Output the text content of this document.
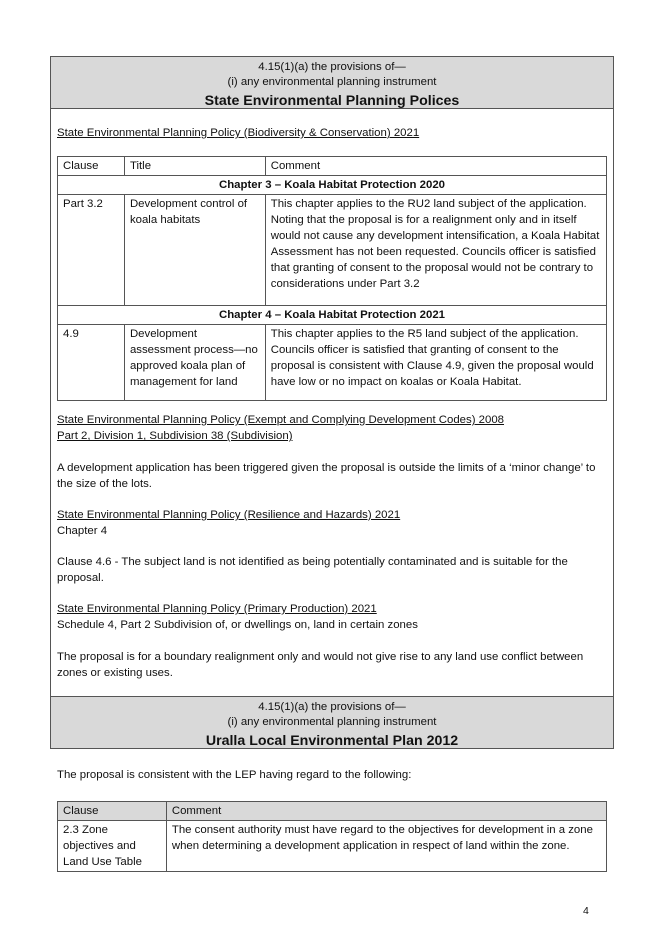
4.15(1)(a) the provisions of—
(i) any environmental planning instrument
State Environmental Planning Polices
State Environmental Planning Policy (Biodiversity & Conservation) 2021
Clause	Title	Comment
Chapter 3 – Koala Habitat Protection 2020		
Part 3.2	Development control of koala habitats	This chapter applies to the RU2 land subject of the application. Noting that the proposal is for a realignment only and in itself would not cause any development intensification, a Koala Habitat Assessment has not been requested. Councils officer is satisfied that granting of consent to the proposal would not be contrary to considerations under Part 3.2
Chapter 4 – Koala Habitat Protection 2021		
4.9	Development assessment process—no approved koala plan of management for land	This chapter applies to the R5 land subject of the application. Councils officer is satisfied that granting of consent to the proposal is consistent with Clause 4.9, given the proposal would have low or no impact on koalas or Koala Habitat.

State Environmental Planning Policy (Exempt and Complying Development Codes) 2008

Part 2, Division 1, Subdivision 38 (Subdivision)

A development application has been triggered given the proposal is outside the limits of a ‘minor change’ to the size of the lots.

State Environmental Planning Policy (Resilience and Hazards) 2021

Chapter 4

Clause 4.6 - The subject land is not identified as being potentially contaminated and is suitable for the proposal.

State Environmental Planning Policy (Primary Production) 2021

Schedule 4, Part 2 Subdivision of, or dwellings on, land in certain zones

The proposal is for a boundary realignment only and would not give rise to any land use conflict between zones or existing uses.

4.15(1)(a) the provisions of—
(i) any environmental planning instrument
Uralla Local Environmental Plan 2012

The proposal is consistent with the LEP having regard to the following:

Clause	Comment
2.3 Zone objectives and Land Use Table	The consent authority must have regard to the objectives for development in a zone when determining a development application in respect of land within the zone.
4
